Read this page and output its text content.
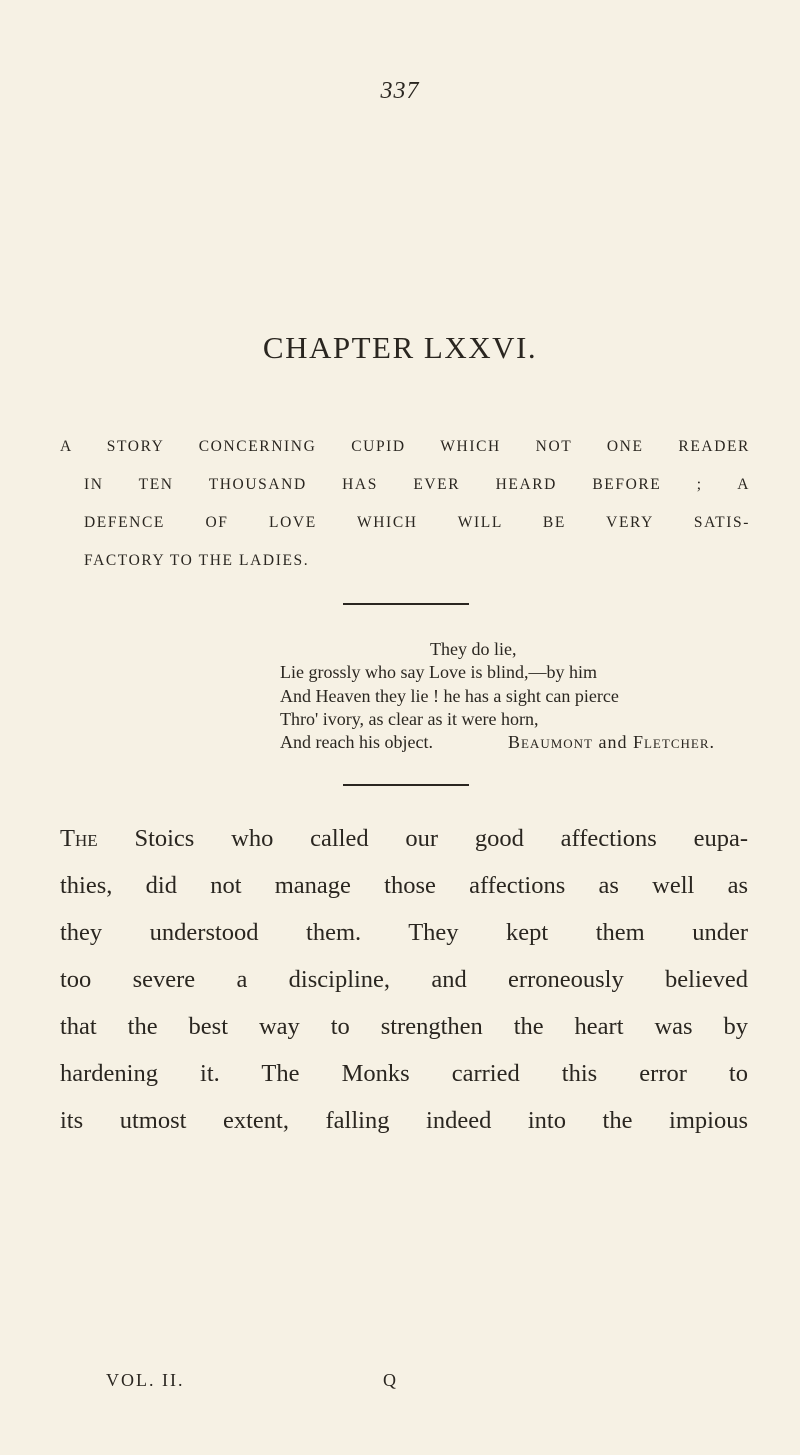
337
CHAPTER LXXVI.
A STORY CONCERNING CUPID WHICH NOT ONE READER
IN TEN THOUSAND HAS EVER HEARD BEFORE ; A
DEFENCE OF LOVE WHICH WILL BE VERY SATIS-
FACTORY TO THE LADIES.
They do lie,
Lie grossly who say Love is blind,—by him
And Heaven they lie ! he has a sight can pierce
Thro' ivory, as clear as it were horn,
And reach his object.	Beaumont and Fletcher.
The Stoics who called our good affections eupa-
thies, did not manage those affections as well as
they understood them. They kept them under
too severe a discipline, and erroneously believed
that the best way to strengthen the heart was by
hardening it. The Monks carried this error to
its utmost extent, falling indeed into the impious
VOL. II.	Q
